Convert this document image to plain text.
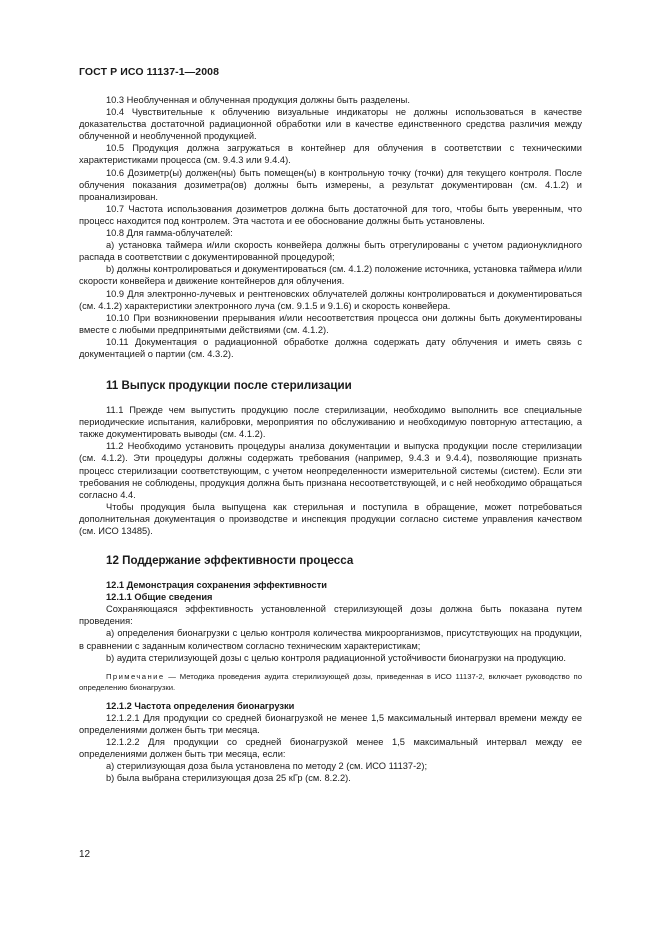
ГОСТ Р ИСО 11137-1—2008

10.3 Необлученная и облученная продукция должны быть разделены.

10.4 Чувствительные к облучению визуальные индикаторы не должны использоваться в качестве доказательства достаточной радиационной обработки или в качестве единственного средства различия между облученной и необлученной продукцией.

10.5 Продукция должна загружаться в контейнер для облучения в соответствии с техническими характеристиками процесса (см. 9.4.3 или 9.4.4).

10.6 Дозиметр(ы) должен(ны) быть помещен(ы) в контрольную точку (точки) для текущего контроля. После облучения показания дозиметра(ов) должны быть измерены, а результат документирован (см. 4.1.2) и проанализирован.

10.7 Частота использования дозиметров должна быть достаточной для того, чтобы быть уверенным, что процесс находится под контролем. Эта частота и ее обоснование должны быть установлены.

10.8 Для гамма-облучателей:

a) установка таймера и/или скорость конвейера должны быть отрегулированы с учетом радионуклидного распада в соответствии с документированной процедурой;

b) должны контролироваться и документироваться (см. 4.1.2) положение источника, установка таймера и/или скорости конвейера и движение контейнеров для облучения.

10.9 Для электронно-лучевых и рентгеновских облучателей должны контролироваться и документироваться (см. 4.1.2) характеристики электронного луча (см. 9.1.5 и 9.1.6) и скорость конвейера.

10.10 При возникновении прерывания и/или несоответствия процесса они должны быть документированы вместе с любыми предпринятыми действиями (см. 4.1.2).

10.11 Документация о радиационной обработке должна содержать дату облучения и иметь связь с документацией о партии (см. 4.3.2).

11 Выпуск продукции после стерилизации

11.1 Прежде чем выпустить продукцию после стерилизации, необходимо выполнить все специальные периодические испытания, калибровки, мероприятия по обслуживанию и необходимую повторную аттестацию, а также документировать выводы (см. 4.1.2).

11.2 Необходимо установить процедуры анализа документации и выпуска продукции после стерилизации (см. 4.1.2). Эти процедуры должны содержать требования (например, 9.4.3 и 9.4.4), позволяющие признать процесс стерилизации соответствующим, с учетом неопределенности измерительной системы (систем). Если эти требования не соблюдены, продукция должна быть признана несоответствующей, и с ней необходимо обращаться согласно 4.4.

Чтобы продукция была выпущена как стерильная и поступила в обращение, может потребоваться дополнительная документация о производстве и инспекция продукции согласно системе управления качеством (см. ИСО 13485).

12 Поддержание эффективности процесса

12.1 Демонстрация сохранения эффективности

12.1.1 Общие сведения

Сохраняющаяся эффективность установленной стерилизующей дозы должна быть показана путем проведения:

a) определения бионагрузки с целью контроля количества микроорганизмов, присутствующих на продукции, в сравнении с заданным количеством согласно техническим характеристикам;

b) аудита стерилизующей дозы с целью контроля радиационной устойчивости бионагрузки на продукцию.

Примечание — Методика проведения аудита стерилизующей дозы, приведенная в ИСО 11137-2, включает руководство по определению бионагрузки.

12.1.2 Частота определения бионагрузки

12.1.2.1 Для продукции со средней бионагрузкой не менее 1,5 максимальный интервал времени между ее определениями должен быть три месяца.

12.1.2.2 Для продукции со средней бионагрузкой менее 1,5 максимальный интервал между ее определениями должен быть три месяца, если:

a) стерилизующая доза была установлена по методу 2 (см. ИСО 11137-2);

b) была выбрана стерилизующая доза 25 кГр (см. 8.2.2).

12
